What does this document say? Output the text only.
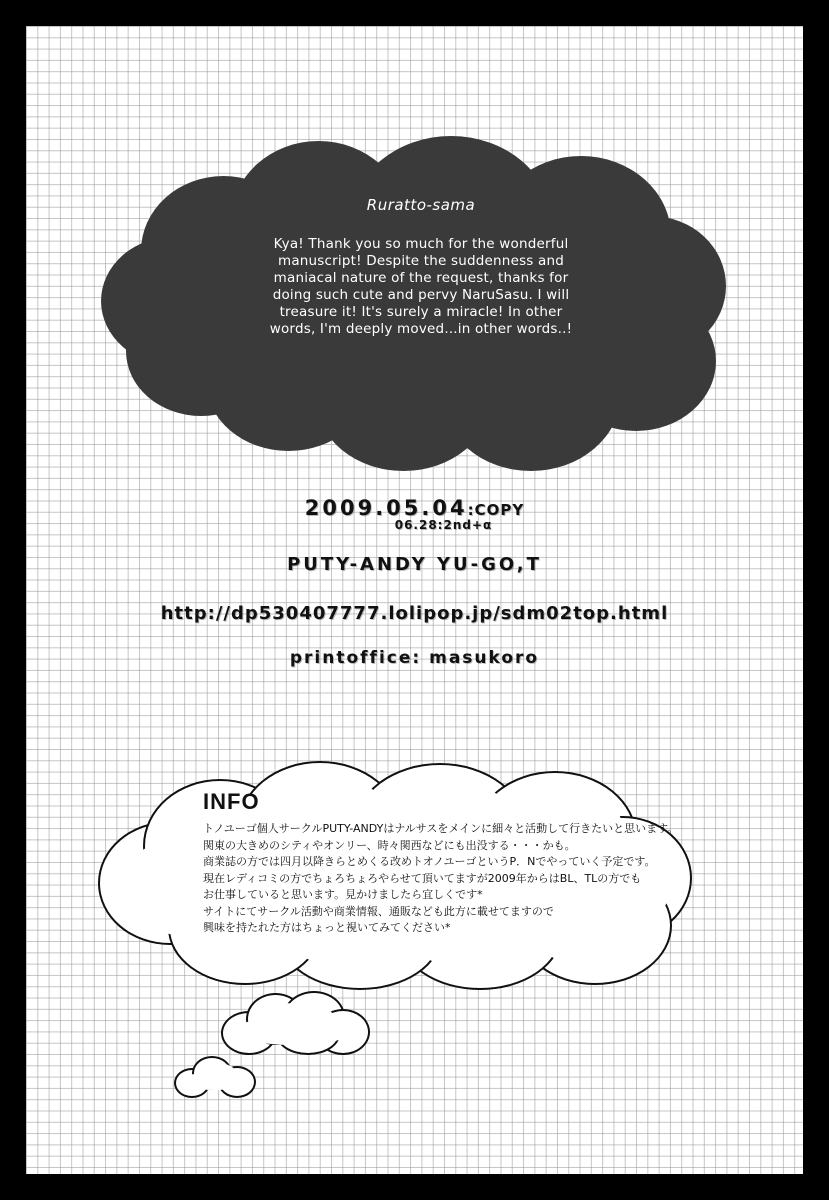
Ruratto-sama
Kya! Thank you so much for the wonderful
manuscript! Despite the suddenness and
maniacal nature of the request, thanks for
doing such cute and pervy NaruSasu. I will
treasure it! It's surely a miracle! In other
words, I'm deeply moved...in other words..!
2009.05.04:COPY
06.28:2nd+α
PUTY-ANDY YU-GO,T
http://dp530407777.lolipop.jp/sdm02top.html
printoffice: masukoro
INFO
トノユーゴ個人サークルPUTY-ANDYはナルサスをメインに細々と活動して行きたいと思います。
関東の大きめのシティやオンリー、時々関西などにも出没する・・・かも。
商業誌の方では四月以降きらとめくる改めトオノユーゴというP．Nでやっていく予定です。
現在レディコミの方でちょろちょろやらせて頂いてますが2009年からはBL、TLの方でも
お仕事していると思います。見かけましたら宜しくです*
サイトにてサークル活動や商業情報、通販なども此方に載せてますので
興味を持たれた方はちょっと視いてみてください*
